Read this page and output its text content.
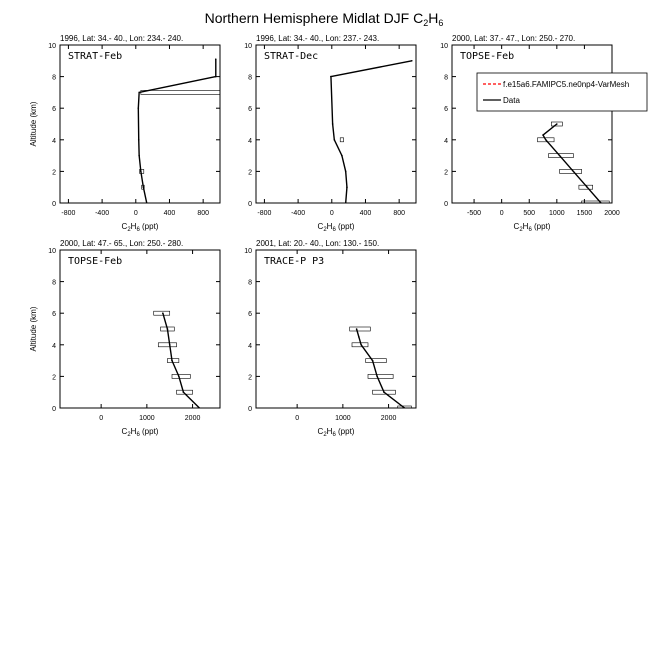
Northern Hemisphere Midlat DJF $C_2H_6$
1996, Lat: 34.- 40., Lon: 234.- 240.
STRAT-Feb
0
2
4
6
8
10
-800	-400	0	400	800
$C_2H_6$ (ppt)
Altitude (km)
1996, Lat: 34.- 40., Lon: 237.- 243.
STRAT-Dec
0
2
4
6
8
10
-800	-400	0	400	800
$C_2H_6$ (ppt)
2000, Lat: 37.- 47., Lon: 250.- 270.
TOPSE-Feb
0
2
4
6
8
10
-500	0	500 1000 1500 2000
$C_2H_6$ (ppt)
2000, Lat: 47.- 65., Lon: 250.- 280.
TOPSE-Feb
0
2
4
6
8
10
0	1000	2000
$C_2H_6$ (ppt)
Altitude (km)
2001, Lat: 20.- 40., Lon: 130.- 150.
TRACE-P P3
0
2
4
6
8
10
0	1000	2000
$C_2H_6$ (ppt)
f.e15a6.FAMIPC5.ne0np4-VarMesh
Data
